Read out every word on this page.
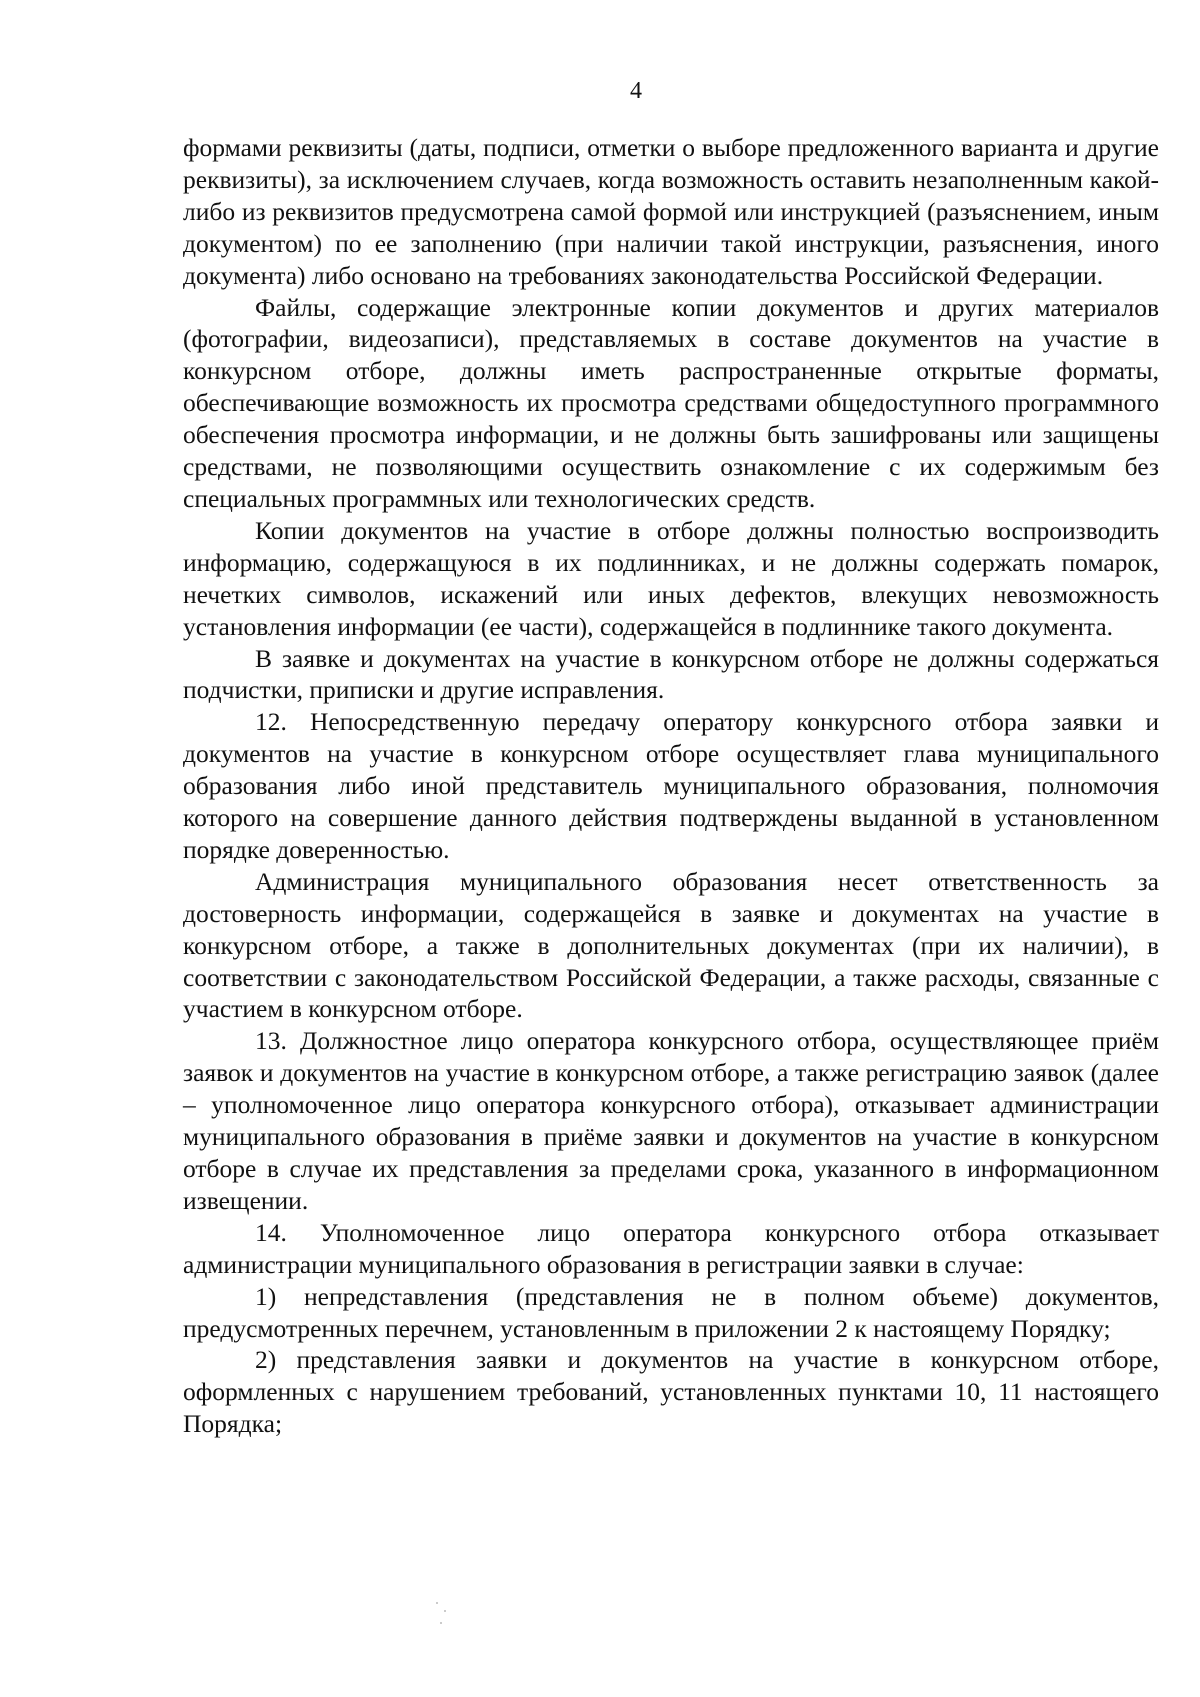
4

формами реквизиты (даты, подписи, отметки о выборе предложенного варианта и другие реквизиты), за исключением случаев, когда возможность оставить незаполненным какой-либо из реквизитов предусмотрена самой формой или инструкцией (разъяснением, иным документом) по ее заполнению (при наличии такой инструкции, разъяснения, иного документа) либо основано на требованиях законодательства Российской Федерации.

Файлы, содержащие электронные копии документов и других материалов (фотографии, видеозаписи), представляемых в составе документов на участие в конкурсном отборе, должны иметь распространенные открытые форматы, обеспечивающие возможность их просмотра средствами общедоступного программного обеспечения просмотра информации, и не должны быть зашифрованы или защищены средствами, не позволяющими осуществить ознакомление с их содержимым без специальных программных или технологических средств.

Копии документов на участие в отборе должны полностью воспроизводить информацию, содержащуюся в их подлинниках, и не должны содержать помарок, нечетких символов, искажений или иных дефектов, влекущих невозможность установления информации (ее части), содержащейся в подлиннике такого документа.

В заявке и документах на участие в конкурсном отборе не должны содержаться подчистки, приписки и другие исправления.

12. Непосредственную передачу оператору конкурсного отбора заявки и документов на участие в конкурсном отборе осуществляет глава муниципального образования либо иной представитель муниципального образования, полномочия которого на совершение данного действия подтверждены выданной в установленном порядке доверенностью.

Администрация муниципального образования несет ответственность за достоверность информации, содержащейся в заявке и документах на участие в конкурсном отборе, а также в дополнительных документах (при их наличии), в соответствии с законодательством Российской Федерации, а также расходы, связанные с участием в конкурсном отборе.

13. Должностное лицо оператора конкурсного отбора, осуществляющее приём заявок и документов на участие в конкурсном отборе, а также регистрацию заявок (далее – уполномоченное лицо оператора конкурсного отбора), отказывает администрации муниципального образования в приёме заявки и документов на участие в конкурсном отборе в случае их представления за пределами срока, указанного в информационном извещении.

14. Уполномоченное лицо оператора конкурсного отбора отказывает администрации муниципального образования в регистрации заявки в случае:

1) непредставления (представления не в полном объеме) документов, предусмотренных перечнем, установленным в приложении 2 к настоящему Порядку;

2) представления заявки и документов на участие в конкурсном отборе, оформленных с нарушением требований, установленных пунктами 10, 11 настоящего Порядка;
